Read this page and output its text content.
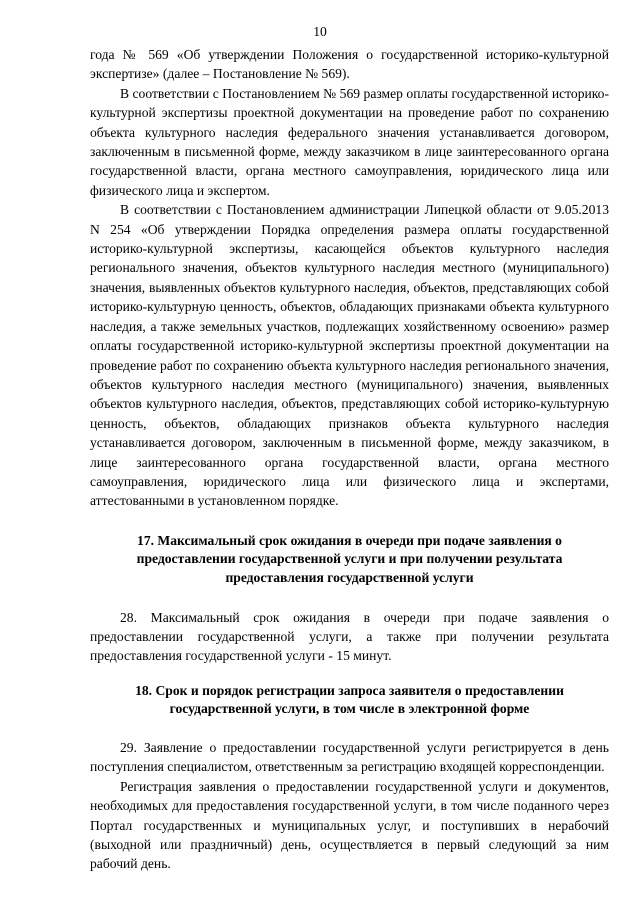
10

года № 569 «Об утверждении Положения о государственной историко-культурной экспертизе» (далее – Постановление № 569).

В соответствии с Постановлением № 569 размер оплаты государственной историко-культурной экспертизы проектной документации на проведение работ по сохранению объекта культурного наследия федерального значения устанавливается договором, заключенным в письменной форме, между заказчиком в лице заинтересованного органа государственной власти, органа местного самоуправления, юридического лица или физического лица и экспертом.

В соответствии с Постановлением администрации Липецкой области от 9.05.2013 N 254 «Об утверждении Порядка определения размера оплаты государственной историко-культурной экспертизы, касающейся объектов культурного наследия регионального значения, объектов культурного наследия местного (муниципального) значения, выявленных объектов культурного наследия, объектов, представляющих собой историко-культурную ценность, объектов, обладающих признаками объекта культурного наследия, а также земельных участков, подлежащих хозяйственному освоению» размер оплаты государственной историко-культурной экспертизы проектной документации на проведение работ по сохранению объекта культурного наследия регионального значения, объектов культурного наследия местного (муниципального) значения, выявленных объектов культурного наследия, объектов, представляющих собой историко-культурную ценность, объектов, обладающих признаков объекта культурного наследия устанавливается договором, заключенным в письменной форме, между заказчиком, в лице заинтересованного органа государственной власти, органа местного самоуправления, юридического лица или физического лица и экспертами, аттестованными в установленном порядке.

17. Максимальный срок ожидания в очереди при подаче заявления о предоставлении государственной услуги и при получении результата предоставления государственной услуги

28. Максимальный срок ожидания в очереди при подаче заявления о предоставлении государственной услуги, а также при получении результата предоставления государственной услуги - 15 минут.

18. Срок и порядок регистрации запроса заявителя о предоставлении государственной услуги, в том числе в электронной форме

29. Заявление о предоставлении государственной услуги регистрируется в день поступления специалистом, ответственным за регистрацию входящей корреспонденции.

Регистрация заявления о предоставлении государственной услуги и документов, необходимых для предоставления государственной услуги, в том числе поданного через Портал государственных и муниципальных услуг, и поступивших в нерабочий (выходной или праздничный) день, осуществляется в первый следующий за ним рабочий день.
